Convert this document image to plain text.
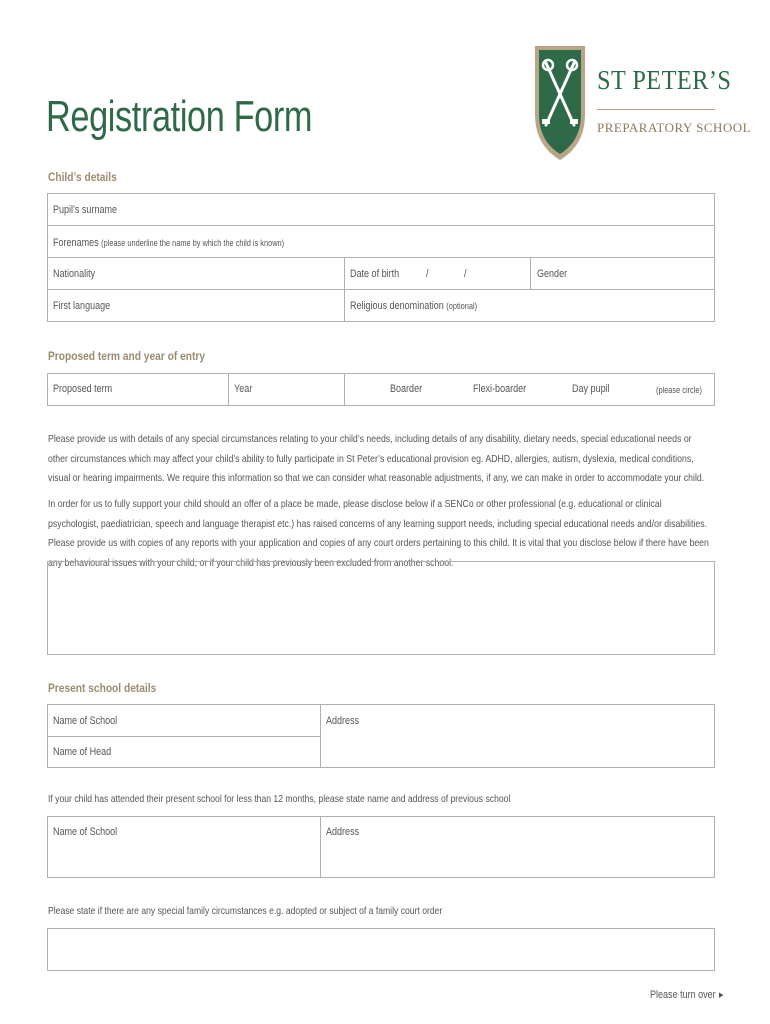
Registration Form
ST PETER’S
PREPARATORY SCHOOL
Child’s details
Pupil’s surname
Forenames (please underline the name by which the child is known)
Nationality	Date of birth /	/	Gender
First language	Religious denomination (optional)
Proposed term and year of entry
Proposed term	Year	Boarder	Flexi-boarder	Day pupil	(please circle)
Please provide us with details of any special circumstances relating to your child’s needs, including details of any disability, dietary needs, special educational needs or other circumstances which may affect your child’s ability to fully participate in St Peter’s educational provision eg. ADHD, allergies, autism, dyslexia, medical conditions, visual or hearing impairments. We require this information so that we can consider what reasonable adjustments, if any, we can make in order to accommodate your child.
In order for us to fully support your child should an offer of a place be made, please disclose below if a SENCo or other professional (e.g. educational or clinical psychologist, paediatrician, speech and language therapist etc.) has raised concerns of any learning support needs, including special educational needs and/or disabilities. Please provide us with copies of any reports with your application and copies of any court orders pertaining to this child. It is vital that you disclose below if there have been any behavioural issues with your child, or if your child has previously been excluded from another school.
Present school details
Name of School	Address
Name of Head
If your child has attended their present school for less than 12 months, please state name and address of previous school
Name of School	Address
Please state if there are any special family circumstances e.g. adopted or subject of a family court order
Please turn over ▸
